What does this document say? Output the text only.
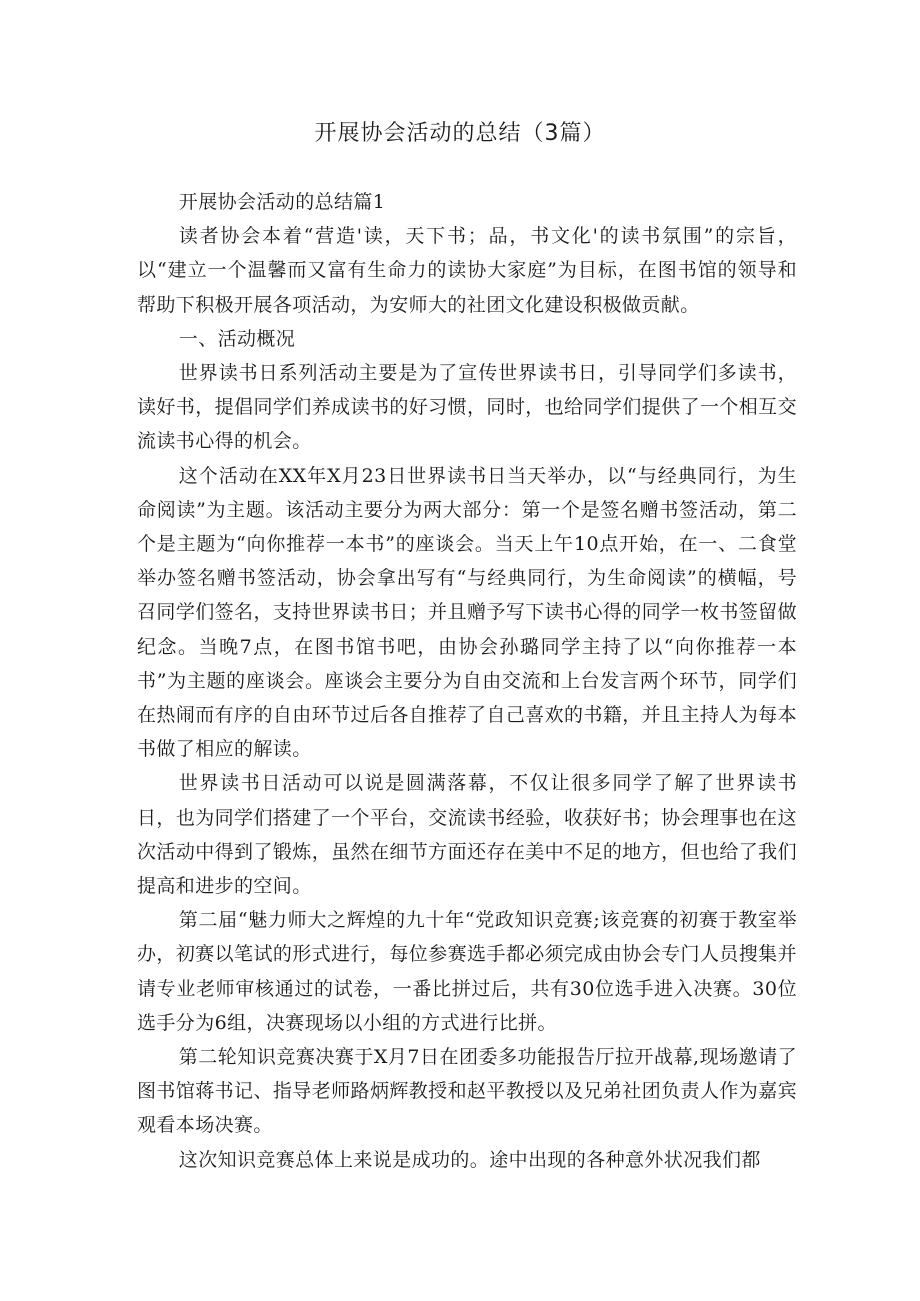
开展协会活动的总结（3篇）

开展协会活动的总结篇1

读者协会本着“营造'读，天下书；品，书文化'的读书氛围”的宗旨，以“建立一个温馨而又富有生命力的读协大家庭”为目标，在图书馆的领导和帮助下积极开展各项活动，为安师大的社团文化建设积极做贡献。

一、活动概况

世界读书日系列活动主要是为了宣传世界读书日，引导同学们多读书，读好书，提倡同学们养成读书的好习惯，同时，也给同学们提供了一个相互交流读书心得的机会。

这个活动在XX年X月23日世界读书日当天举办，以“与经典同行，为生命阅读”为主题。该活动主要分为两大部分：第一个是签名赠书签活动，第二个是主题为“向你推荐一本书”的座谈会。当天上午10点开始，在一、二食堂举办签名赠书签活动，协会拿出写有“与经典同行，为生命阅读”的横幅，号召同学们签名，支持世界读书日；并且赠予写下读书心得的同学一枚书签留做纪念。当晚7点，在图书馆书吧，由协会孙璐同学主持了以“向你推荐一本书”为主题的座谈会。座谈会主要分为自由交流和上台发言两个环节，同学们在热闹而有序的自由环节过后各自推荐了自己喜欢的书籍，并且主持人为每本书做了相应的解读。

世界读书日活动可以说是圆满落幕，不仅让很多同学了解了世界读书日，也为同学们搭建了一个平台，交流读书经验，收获好书；协会理事也在这次活动中得到了锻炼，虽然在细节方面还存在美中不足的地方，但也给了我们提高和进步的空间。

第二届“魅力师大之辉煌的九十年“党政知识竞赛;该竞赛的初赛于教室举办，初赛以笔试的形式进行，每位参赛选手都必须完成由协会专门人员搜集并请专业老师审核通过的试卷，一番比拼过后，共有30位选手进入决赛。30位选手分为6组，决赛现场以小组的方式进行比拼。

第二轮知识竞赛决赛于X月7日在团委多功能报告厅拉开战幕,现场邀请了图书馆蒋书记、指导老师路炳辉教授和赵平教授以及兄弟社团负责人作为嘉宾观看本场决赛。

这次知识竞赛总体上来说是成功的。途中出现的各种意外状况我们都
